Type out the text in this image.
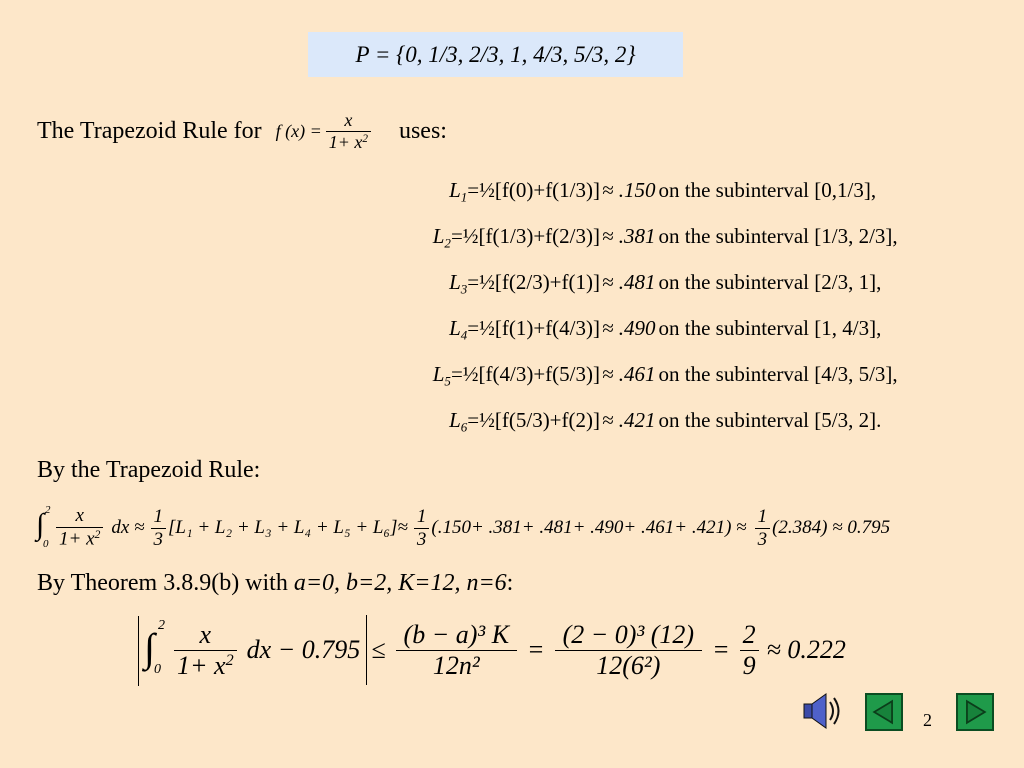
P = {0, 1/3, 2/3, 1, 4/3, 5/3, 2}
The Trapezoid Rule for f $(x) = \frac{x}{1+ x^2}$ uses:
$L_1=\frac{1}{2}[f(0)+f(1/3)] \approx .150$ on the subinterval [0,1/3],
$L_2=\frac{1}{2}[f(1/3)+f(2/3)] \approx .381$ on the subinterval [1/3, 2/3],
$L_3=\frac{1}{2}[f(2/3)+f(1)] \approx .481$ on the subinterval [2/3, 1],
$L_4=\frac{1}{2}[f(1)+f(4/3)] \approx .490$ on the subinterval [1, 4/3],
$L_5=\frac{1}{2}[f(4/3)+f(5/3)] \approx .461$ on the subinterval [4/3, 5/3],
$L_6=\frac{1}{2}[f(5/3)+f(2)] \approx .421$ on the subinterval [5/3, 2].
By the Trapezoid Rule:
∫ 2
$0 \frac{x}{1+ x^2}$ dx ≈ $\frac{1}{3} [L_1 + L_2 + L_3 + L_4 + L_5 + L_6]\approx \frac{1}{3} (.150+ .381+ .481+ .490+ .461+ .421) \approx \frac{1}{3} (2.384) \approx 0.795$
By Theorem 3.8.9(b) with a=0, b=2, K=12, n=6:
∫ 2
$0 \frac{x}{1+ x^2}$ dx − $0.795 \le \frac{\text{(b − a)³ K}}{\text{12n²}} = \frac{\text{(2 − 0)³ (12)}}{\text{12(6²)}} = \frac{2}{9} \approx 0.222$
2
